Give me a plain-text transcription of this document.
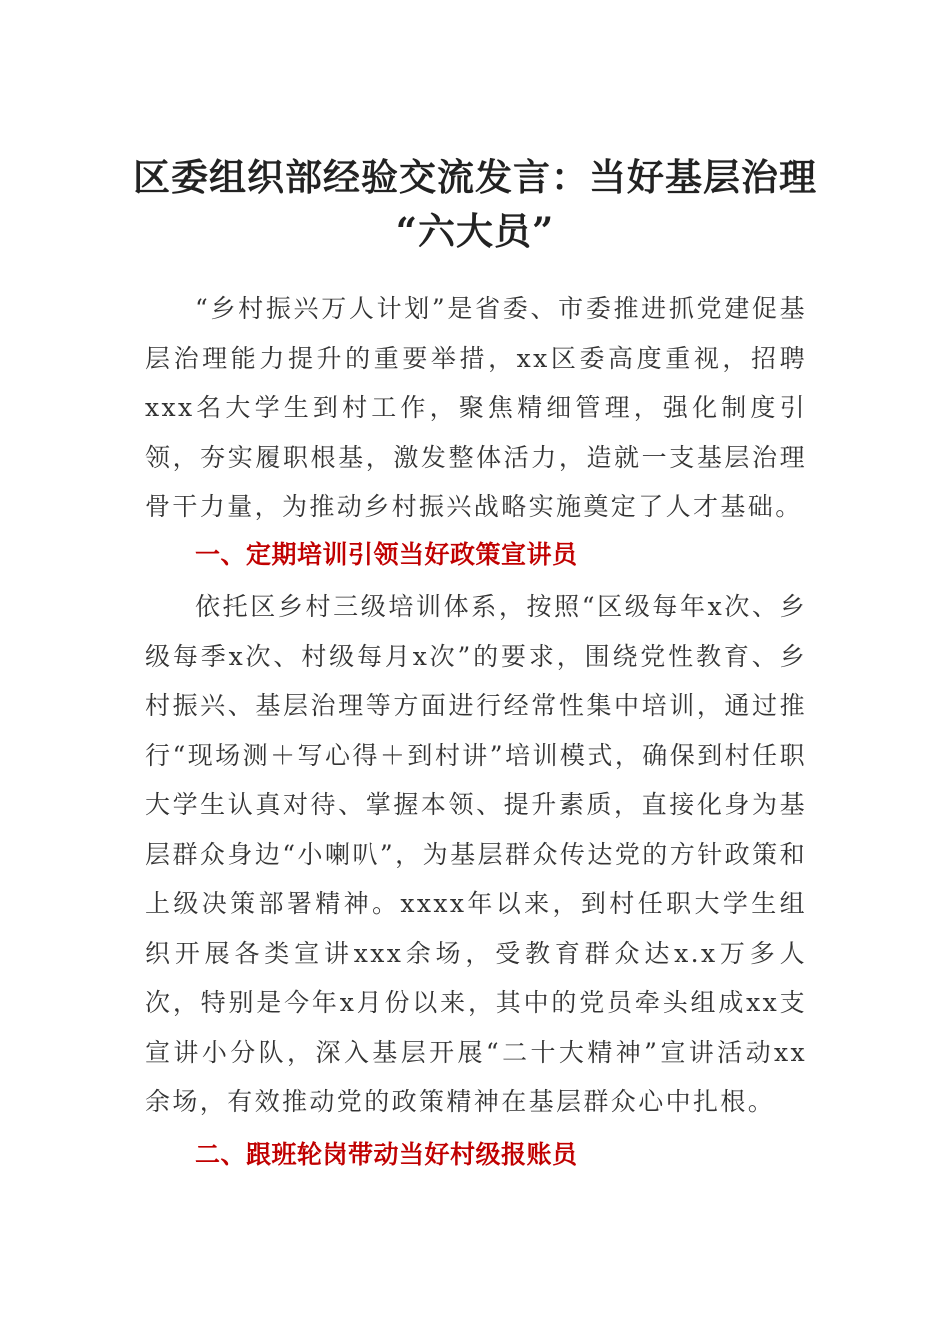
区委组织部经验交流发言：当好基层治理
“六大员”

“乡村振兴万人计划”是省委、市委推进抓党建促基层治理能力提升的重要举措，xx区委高度重视，招聘xxx名大学生到村工作，聚焦精细管理，强化制度引领，夯实履职根基，激发整体活力，造就一支基层治理骨干力量，为推动乡村振兴战略实施奠定了人才基础。

一、定期培训引领当好政策宣讲员

依托区乡村三级培训体系，按照“区级每年x次、乡级每季x次、村级每月x次”的要求，围绕党性教育、乡村振兴、基层治理等方面进行经常性集中培训，通过推行“现场测＋写心得＋到村讲”培训模式，确保到村任职大学生认真对待、掌握本领、提升素质，直接化身为基层群众身边“小喇叭”，为基层群众传达党的方针政策和上级决策部署精神。xxxx年以来，到村任职大学生组织开展各类宣讲xxx余场，受教育群众达x.x万多人次，特别是今年x月份以来，其中的党员牵头组成xx支宣讲小分队，深入基层开展“二十大精神”宣讲活动xx余场，有效推动党的政策精神在基层群众心中扎根。

二、跟班轮岗带动当好村级报账员
